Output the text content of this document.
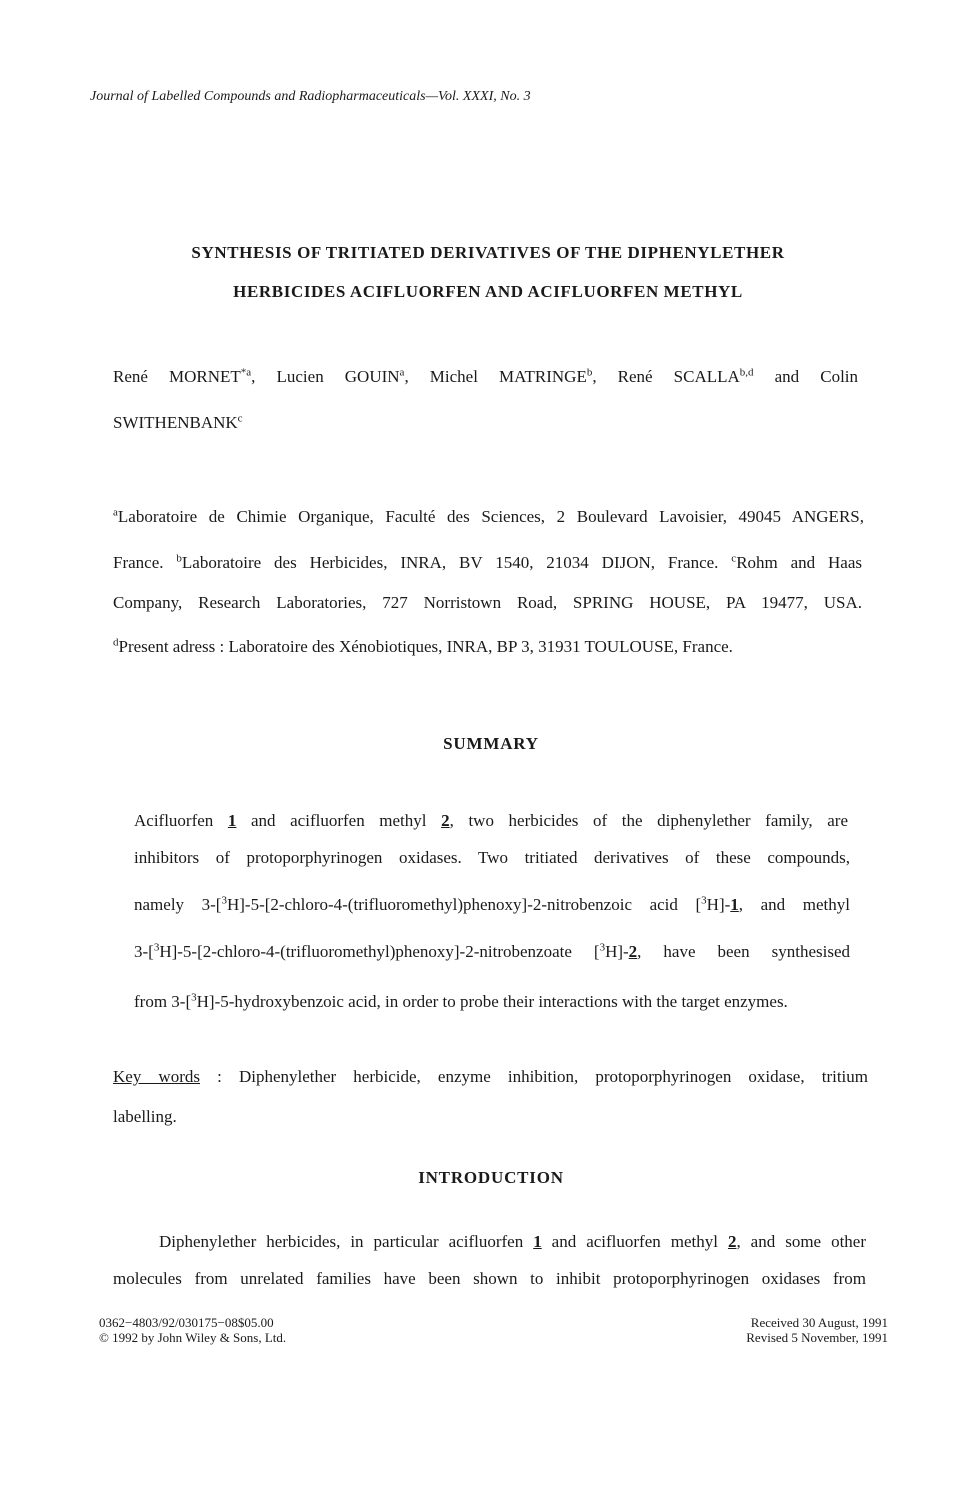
Journal of Labelled Compounds and Radiopharmaceuticals—Vol. XXXI, No. 3
SYNTHESIS OF TRITIATED DERIVATIVES OF THE DIPHENYLETHER
HERBICIDES ACIFLUORFEN AND ACIFLUORFEN METHYL
René MORNET$^{*a}$, Lucien GOUIN$^a$, Michel MATRINGE$^b$, René SCALLA$^{b,d}$ and Colin
SWITHENBANK$^c$
$^a$Laboratoire de Chimie Organique, Faculté des Sciences, 2 Boulevard Lavoisier, 49045 ANGERS,
France. $^b$Laboratoire des Herbicides, INRA, BV 1540, 21034 DIJON, France. $^c$Rohm and Haas
Company, Research Laboratories, 727 Norristown Road, SPRING HOUSE, PA 19477, USA.
$^d$Present adress : Laboratoire des Xénobiotiques, INRA, BP 3, 31931 TOULOUSE, France.
SUMMARY
Acifluorfen 1 and acifluorfen methyl 2, two herbicides of the diphenylether family, are
inhibitors of protoporphyrinogen oxidases. Two tritiated derivatives of these compounds,
namely 3-[$^3$H]-5-[2-chloro-4-(trifluoromethyl)phenoxy]-2-nitrobenzoic acid [$^3$H]-1, and methyl
3-[$^3$H]-5-[2-chloro-4-(trifluoromethyl)phenoxy]-2-nitrobenzoate [$^3$H]-2, have been synthesised
from 3-[$^3$H]-5-hydroxybenzoic acid, in order to probe their interactions with the target enzymes.
Key words : Diphenylether herbicide, enzyme inhibition, protoporphyrinogen oxidase, tritium
labelling.
INTRODUCTION
Diphenylether herbicides, in particular acifluorfen 1 and acifluorfen methyl 2, and some other
molecules from unrelated families have been shown to inhibit protoporphyrinogen oxidases from
0362−4803/92/030175−08$05.00
© 1992 by John Wiley & Sons, Ltd.
Received 30 August, 1991
Revised 5 November, 1991
